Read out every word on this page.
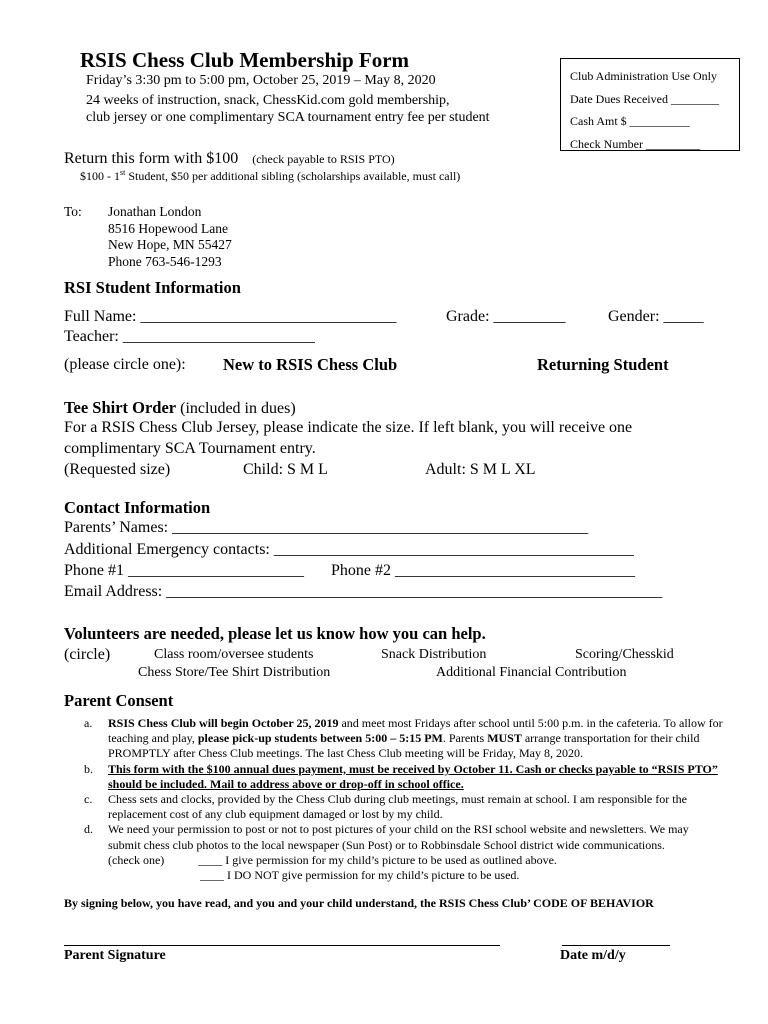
RSIS Chess Club Membership Form
Friday’s 3:30 pm to 5:00 pm, October 25, 2019 – May 8, 2020
24 weeks of instruction, snack, ChessKid.com gold membership,
club jersey or one complimentary SCA tournament entry fee per student
Club Administration Use Only
Date Dues Received ________
Cash Amt $ __________
Check Number _________
Return this form with $100 (check payable to RSIS PTO)
$100 - 1st Student, $50 per additional sibling (scholarships available, must call)
To: Jonathan London
8516 Hopewood Lane
New Hope, MN 55427
Phone 763-546-1293
RSI Student Information
Full Name: ________________________________	Grade: _________	Gender: _____
Teacher: ________________________
(please circle one): New to RSIS Chess Club	Returning Student
Tee Shirt Order (included in dues)
For a RSIS Chess Club Jersey, please indicate the size. If left blank, you will receive one
complimentary SCA Tournament entry.
(Requested size)	Child: S M L	Adult: S M L XL
Contact Information
Parents’ Names: ____________________________________________________
Additional Emergency contacts: _____________________________________________
Phone #1 ______________________ Phone #2 ______________________________
Email Address: ______________________________________________________________
Volunteers are needed, please let us know how you can help.
(circle)	Class room/oversee students	Snack Distribution	Scoring/Chesskid
Chess Store/Tee Shirt Distribution	Additional Financial Contribution
Parent Consent
a. RSIS Chess Club will begin October 25, 2019 and meet most Fridays after school until 5:00 p.m. in the cafeteria. To allow for teaching and play, please pick-up students between 5:00 – 5:15 PM. Parents MUST arrange transportation for their child PROMPTLY after Chess Club meetings. The last Chess Club meeting will be Friday, May 8, 2020.
b. This form with the $100 annual dues payment, must be received by October 11. Cash or checks payable to “RSIS PTO” should be included. Mail to address above or drop-off in school office.
c. Chess sets and clocks, provided by the Chess Club during club meetings, must remain at school. I am responsible for the replacement cost of any club equipment damaged or lost by my child.
d. We need your permission to post or not to post pictures of your child on the RSI school website and newsletters. We may submit chess club photos to the local newspaper (Sun Post) or to Robbinsdale School district wide communications.
(check one)	____ I give permission for my child’s picture to be used as outlined above.
____ I DO NOT give permission for my child’s picture to be used.
By signing below, you have read, and you and your child understand, the RSIS Chess Club’ CODE OF BEHAVIOR
Parent Signature	Date m/d/y
